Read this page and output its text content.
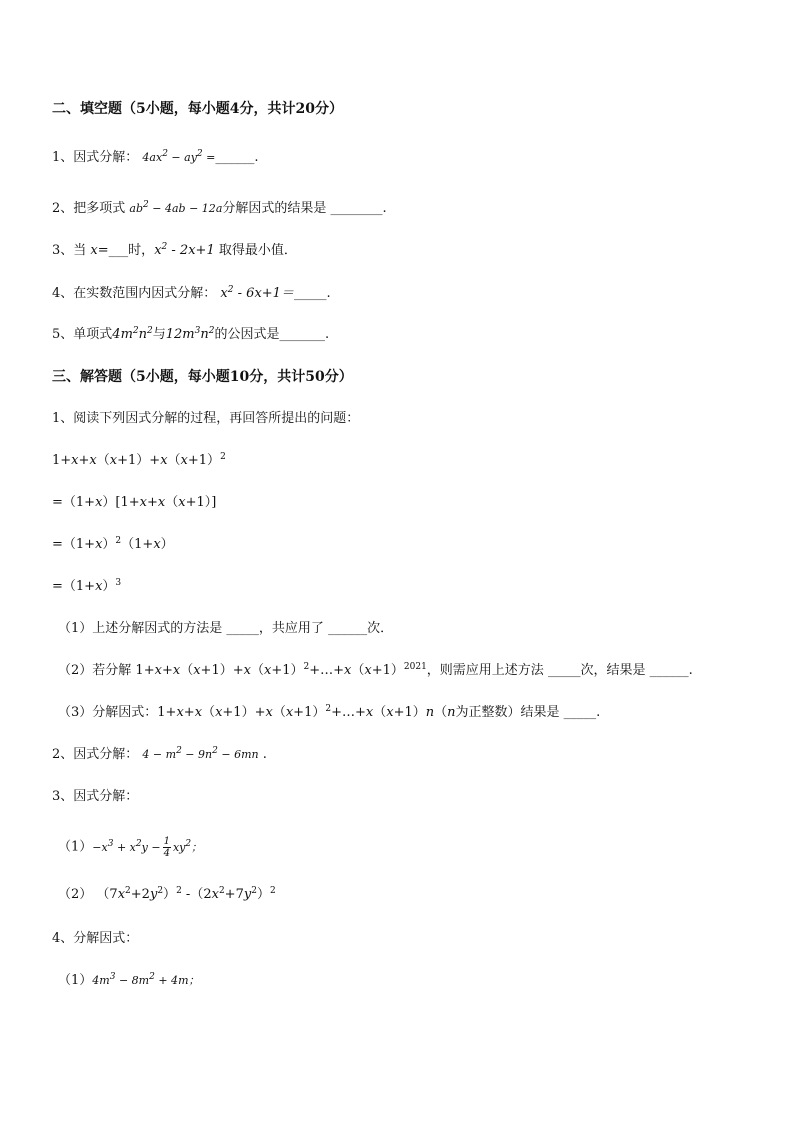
二、填空题（5小题，每小题4分，共计20分）
1、因式分解： $4ax^2 - ay^2$ =______.
2、把多项式 $ab^2 - 4ab - 12a$分解因式的结果是 ________.
3、当 x=___时，$x^2 - 2x+1$ 取得最小值．
4、在实数范围内因式分解： $x^2$ - 6x+1＝_____.
5、单项式$4m^2n^2$与$12m^3n^2$的公因式是_______.
三、解答题（5小题，每小题10分，共计50分）
1、阅读下列因式分解的过程，再回答所提出的问题：
$1+x+x(x+1)+x(x+1)^2$
=（1+x）[1+x+x（x+1）]
$=(1+x)^2(1+x)$
$=(1+x)^3$
（1）上述分解因式的方法是 _____，共应用了 ______次．
（2）若分解 $1+x+x(x+1)+x(x+1)^2+\dots+x(x+1)^{2021}$，则需应用上述方法 _____次，结果是 ______.
（3）分解因式：$1+x+x(x+1)+x(x+1)^2+\dots+x(x+1)n(n$为正整数）结果是 _____.
2、因式分解： $4 - m^2 - 9n^2 - 6mn$ .
3、因式分解：
$(1)-x^3 + x^2y - \frac{1}{4} xy^2$；
（2） $(7x^2+2y^2)^2$ $-(2x^2+7y^2)^2$
4、分解因式：
$(1)4m^3 - 8m^2 + 4m$；
